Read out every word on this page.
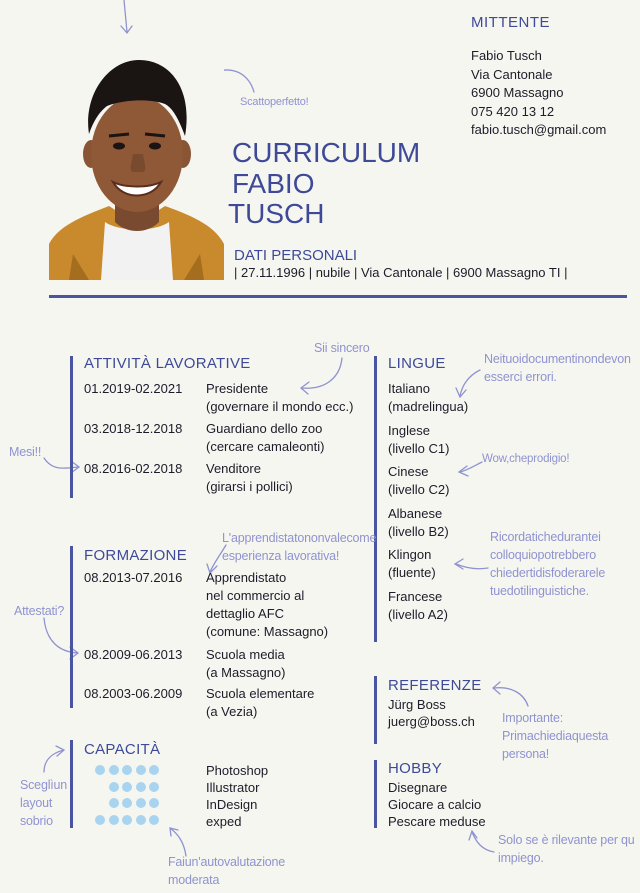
MITTENTE
Fabio Tusch
Via Cantonale
6900 Massagno
075 420 13 12
fabio.tusch@gmail.com
CURRICULUM
FABIO
TUSCH
DATI PERSONALI
| 27.11.1996 | nubile | Via Cantonale | 6900 Massagno TI |
ATTIVITÀ LAVORATIVE
01.2019-02.2021	Presidente
(governare il mondo ecc.)
03.2018-12.2018	Guardiano dello zoo
(cercare camaleonti)
08.2016-02.2018	Venditore
(girarsi i pollici)
FORMAZIONE
08.2013-07.2016	Apprendistato
nel commercio al
dettaglio AFC
(comune: Massagno)
08.2009-06.2013	Scuola media
(a Massagno)
08.2003-06.2009	Scuola elementare
(a Vezia)
CAPACITÀ
Photoshop
Illustrator
InDesign
exped
LINGUE
Italiano
(madrelingua)
Inglese
(livello C1)
Cinese
(livello C2)
Albanese
(livello B2)
Klingon
(fluente)
Francese
(livello A2)
REFERENZE
Jürg Boss
juerg@boss.ch
HOBBY
Disegnare
Giocare a calcio
Pescare meduse
Scattoperfetto!
Sii sincero
Mesi!!
L'apprendistatononvalecome
esperienza lavorativa!
Attestati?
Sceglìun
layout
sobrio
Faiun'autovalutazione
moderata
Neituoidocumentinondevon
esserci errori.
Wow,cheprodigio!
Ricordatichedurantei
colloquiopotrebbero
chiedertidisfoderarele
tuedotilinguistiche.
Importante:
Primachiediaquesta
persona!
Solo se è rilevante per qu
impiego.
